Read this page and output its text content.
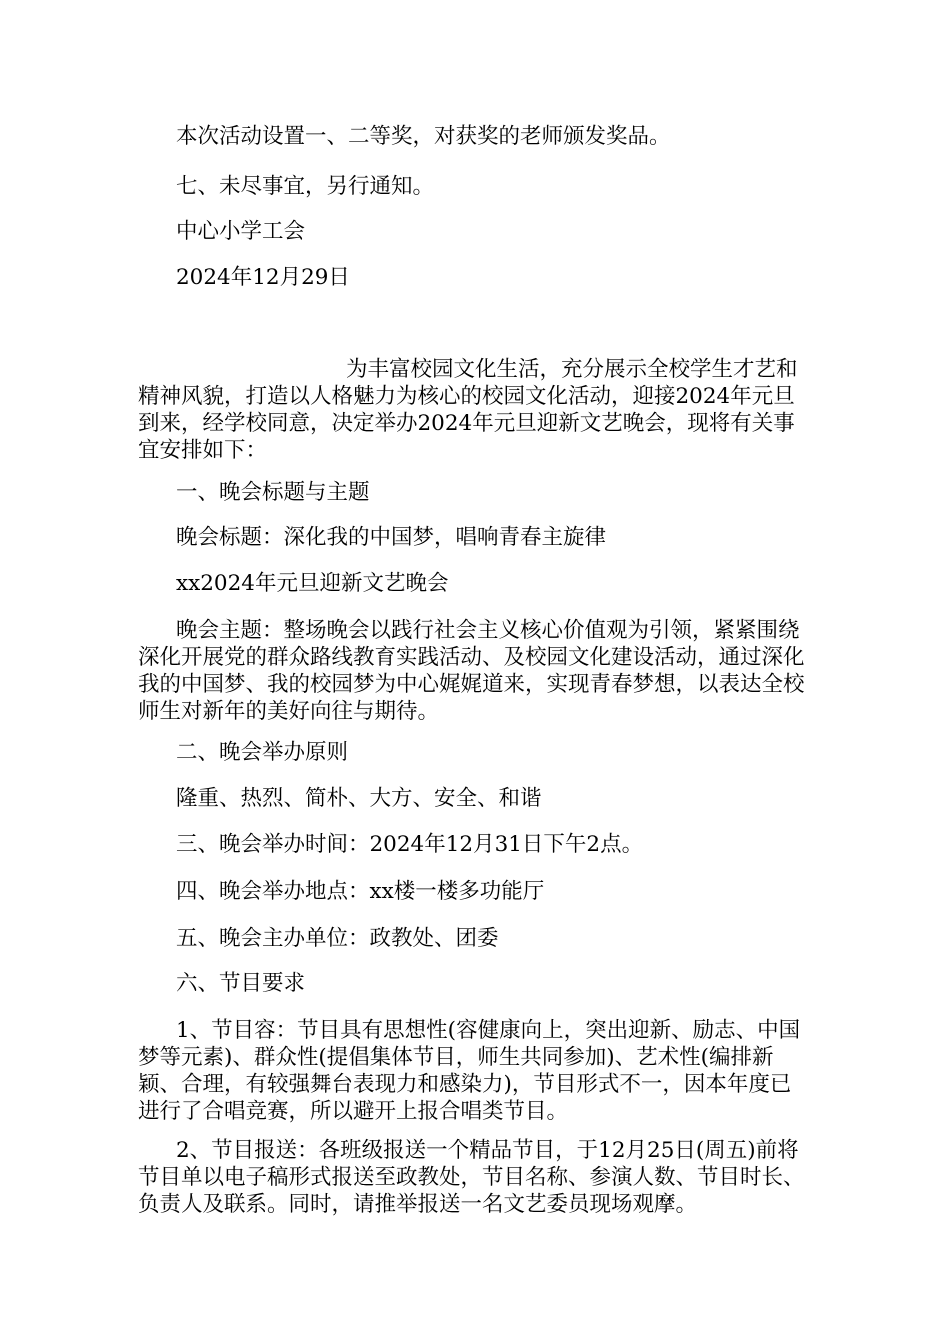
本次活动设置一、二等奖，对获奖的老师颁发奖品。

七、未尽事宜，另行通知。

中心小学工会

2024年12月29日

为丰富校园文化生活，充分展示全校学生才艺和精神风貌，打造以人格魅力为核心的校园文化活动，迎接2024年元旦到来，经学校同意，决定举办2024年元旦迎新文艺晚会，现将有关事宜安排如下：

一、晚会标题与主题

晚会标题：深化我的中国梦，唱响青春主旋律

xx2024年元旦迎新文艺晚会

晚会主题：整场晚会以践行社会主义核心价值观为引领，紧紧围绕深化开展党的群众路线教育实践活动、及校园文化建设活动，通过深化我的中国梦、我的校园梦为中心娓娓道来，实现青春梦想，以表达全校师生对新年的美好向往与期待。

二、晚会举办原则

隆重、热烈、简朴、大方、安全、和谐

三、晚会举办时间：2024年12月31日下午2点。

四、晚会举办地点：xx楼一楼多功能厅

五、晚会主办单位：政教处、团委

六、节目要求

1、节目容：节目具有思想性(容健康向上，突出迎新、励志、中国梦等元素)、群众性(提倡集体节目，师生共同参加)、艺术性(编排新颖、合理，有较强舞台表现力和感染力)，节目形式不一，因本年度已进行了合唱竞赛，所以避开上报合唱类节目。

2、节目报送：各班级报送一个精品节目，于12月25日(周五)前将节目单以电子稿形式报送至政教处，节目名称、参演人数、节目时长、负责人及联系。同时，请推举报送一名文艺委员现场观摩。
